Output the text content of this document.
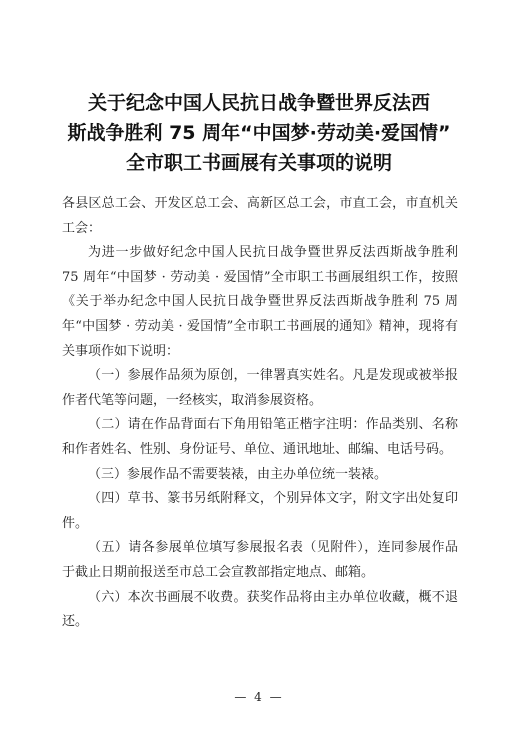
关于纪念中国人民抗日战争暨世界反法西
斯战争胜利 75 周年“中国梦·劳动美·爱国情”
全市职工书画展有关事项的说明

各县区总工会、开发区总工会、高新区总工会，市直工会，市直机关工会：

为进一步做好纪念中国人民抗日战争暨世界反法西斯战争胜利 75 周年“中国梦 · 劳动美 · 爱国情”全市职工书画展组织工作，按照《关于举办纪念中国人民抗日战争暨世界反法西斯战争胜利 75 周年“中国梦 · 劳动美 · 爱国情”全市职工书画展的通知》精神，现将有关事项作如下说明：

（一）参展作品须为原创，一律署真实姓名。凡是发现或被举报作者代笔等问题，一经核实，取消参展资格。

（二）请在作品背面右下角用铅笔正楷字注明：作品类别、名称和作者姓名、性别、身份证号、单位、通讯地址、邮编、电话号码。

（三）参展作品不需要装裱，由主办单位统一装裱。

（四）草书、篆书另纸附释文，个别异体文字，附文字出处复印件。

（五）请各参展单位填写参展报名表（见附件），连同参展作品于截止日期前报送至市总工会宣教部指定地点、邮箱。

（六）本次书画展不收费。获奖作品将由主办单位收藏，概不退还。

— 4 —
